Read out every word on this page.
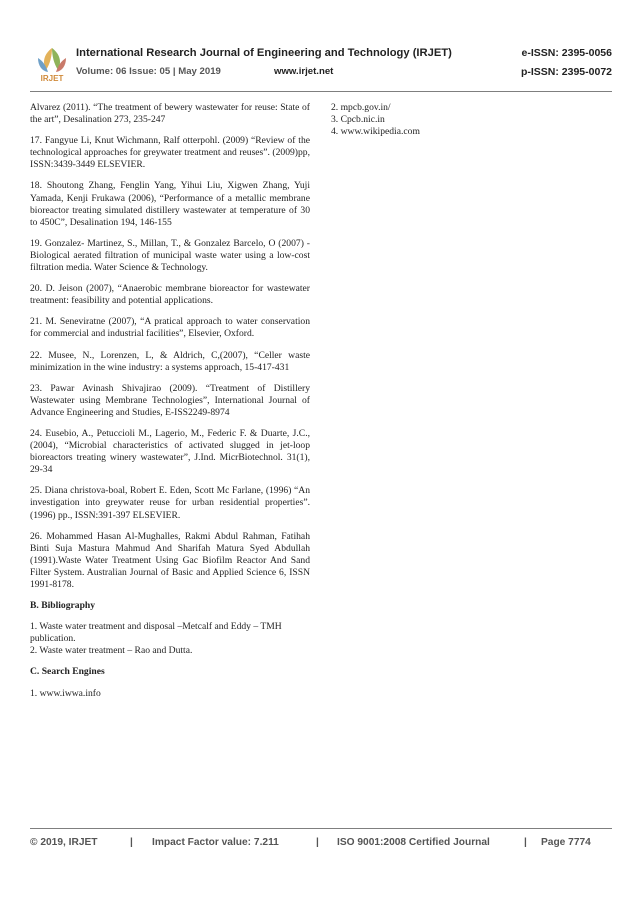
IRJET
International Research Journal of Engineering and Technology (IRJET)	e-ISSN: 2395-0056
Volume: 06 Issue: 05 | May 2019	www.irjet.net	p-ISSN: 2395-0072

Alvarez (2011). “The treatment of bewery wastewater for reuse: State of the art”, Desalination 273, 235-247

17. Fangyue Li, Knut Wichmann, Ralf otterpohl. (2009) “Review of the technological approaches for greywater treatment and reuses”. (2009)pp, ISSN:3439-3449 ELSEVIER.

18. Shoutong Zhang, Fenglin Yang, Yihui Liu, Xigwen Zhang, Yuji Yamada, Kenji Frukawa (2006), “Performance of a metallic membrane bioreactor treating simulated distillery wastewater at temperature of 30 to 450C”, Desalination 194, 146-155

19. Gonzalez- Martinez, S., Millan, T., & Gonzalez Barcelo, O (2007) - Biological aerated filtration of municipal waste water using a low-cost filtration media. Water Science & Technology.

20. D. Jeison (2007), “Anaerobic membrane bioreactor for wastewater treatment: feasibility and potential applications.

21. M. Seneviratne (2007), “A pratical approach to water conservation for commercial and industrial facilities”, Elsevier, Oxford.

22. Musee, N., Lorenzen, L, & Aldrich, C,(2007), “Celler waste minimization in the wine industry: a systems approach, 15-417-431

23. Pawar Avinash Shivajirao (2009). “Treatment of Distillery Wastewater using Membrane Technologies”, International Journal of Advance Engineering and Studies, E-ISS2249-8974

24. Eusebio, A., Petuccioli M., Lagerio, M., Federic F. & Duarte, J.C., (2004), “Microbial characteristics of activated slugged in jet-loop bioreactors treating winery wastewater”, J.Ind. MicrBiotechnol. 31(1), 29-34

25. Diana christova-boal, Robert E. Eden, Scott Mc Farlane, (1996) “An investigation into greywater reuse for urban residential properties”. (1996) pp., ISSN:391-397 ELSEVIER.

26. Mohammed Hasan Al-Mughalles, Rakmi Abdul Rahman, Fatihah Binti Suja Mastura Mahmud And Sharifah Matura Syed Abdullah (1991).Waste Water Treatment Using Gac Biofilm Reactor And Sand Filter System. Australian Journal of Basic and Applied Science 6, ISSN 1991-8178.

B. Bibliography

1. Waste water treatment and disposal –Metcalf and Eddy – TMH publication.

2. Waste water treatment – Rao and Dutta.

C. Search Engines

1. www.iwwa.info

2. mpcb.gov.in/

3. Cpcb.nic.in

4. www.wikipedia.com

© 2019, IRJET	| Impact Factor value: 7.211	| ISO 9001:2008 Certified Journal	| Page 7774
